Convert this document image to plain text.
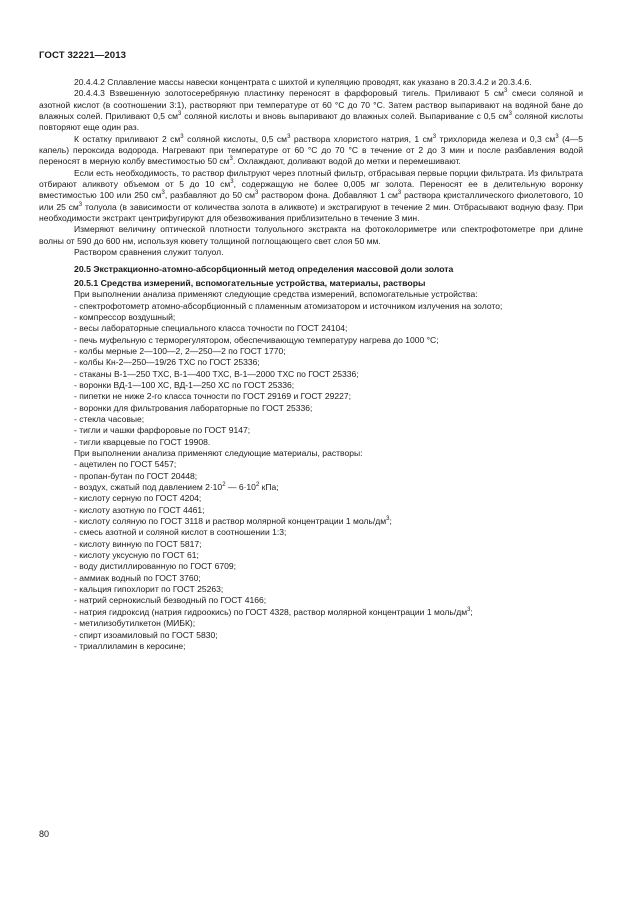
ГОСТ 32221—2013
20.4.4.2 Сплавление массы навески концентрата с шихтой и купеляцию проводят, как указано в 20.3.4.2 и 20.3.4.6.
20.4.4.3 Взвешенную золотосеребряную пластинку переносят в фарфоровый тигель. Приливают 5 $см^3$ смеси соляной и азотной кислот (в соотношении 3:1), растворяют при температуре от 60 °С до 70 °С. Затем раствор выпаривают на водяной бане до влажных солей. Приливают 0,5 $см^3$ соляной кислоты и вновь выпаривают до влажных солей. Выпаривание с 0,5 $см^3$ соляной кислоты повторяют еще один раз.
К остатку приливают 2 $см^3$ соляной кислоты, 0,5 $см^3$ раствора хлористого натрия, 1 $см^3$ трихлорида железа и 0,3 $см^3$ (4—5 капель) пероксида водорода. Нагревают при температуре от 60 °С до 70 °С в течение от 2 до 3 мин и после разбавления водой переносят в мерную колбу вместимостью 50 $см^3$. Охлаждают, доливают водой до метки и перемешивают.
Если есть необходимость, то раствор фильтруют через плотный фильтр, отбрасывая первые порции фильтрата. Из фильтрата отбирают аликвоту объемом от 5 до 10 $см^3$, содержащую не более 0,005 мг золота. Переносят ее в делительную воронку вместимостью 100 или 250 $см^3$, разбавляют до 50 $см^3$ раствором фона. Добавляют 1 $см^3$ раствора кристаллического фиолетового, 10 или 25 $см^3$ толуола (в зависимости от количества золота в аликвоте) и экстрагируют в течение 2 мин. Отбрасывают водную фазу. При необходимости экстракт центрифугируют для обезвоживания приблизительно в течение 3 мин.
Измеряют величину оптической плотности толуольного экстракта на фотоколориметре или спектрофотометре при длине волны от 590 до 600 нм, используя кювету толщиной поглощающего свет слоя 50 мм.
Раствором сравнения служит толуол.
20.5 Экстракционно-атомно-абсорбционный метод определения массовой доли золота
20.5.1 Средства измерений, вспомогательные устройства, материалы, растворы
При выполнении анализа применяют следующие средства измерений, вспомогательные устройства:
- спектрофотометр атомно-абсорбционный с пламенным атомизатором и источником излучения на золото;
- компрессор воздушный;
- весы лабораторные специального класса точности по ГОСТ 24104;
- печь муфельную с терморегулятором, обеспечивающую температуру нагрева до 1000 °С;
- колбы мерные 2—100—2, 2—250—2 по ГОСТ 1770;
- колбы Кн-2—250—19/26 ТХС по ГОСТ 25336;
- стаканы В-1—250 ТХС, В-1—400 ТХС, В-1—2000 ТХС по ГОСТ 25336;
- воронки ВД-1—100 ХС, ВД-1—250 ХС по ГОСТ 25336;
- пипетки не ниже 2-го класса точности по ГОСТ 29169 и ГОСТ 29227;
- воронки для фильтрования лабораторные по ГОСТ 25336;
- стекла часовые;
- тигли и чашки фарфоровые по ГОСТ 9147;
- тигли кварцевые по ГОСТ 19908.
При выполнении анализа применяют следующие материалы, растворы:
- ацетилен по ГОСТ 5457;
- пропан-бутан по ГОСТ 20448;
- воздух, сжатый под давлением $2\cdot 10^2$ — $6\cdot 10^2$ кПа;
- кислоту серную по ГОСТ 4204;
- кислоту азотную по ГОСТ 4461;
- кислоту соляную по ГОСТ 3118 и раствор молярной концентрации 1 моль/$дм^3$;
- смесь азотной и соляной кислот в соотношении 1:3;
- кислоту винную по ГОСТ 5817;
- кислоту уксусную по ГОСТ 61;
- воду дистиллированную по ГОСТ 6709;
- аммиак водный по ГОСТ 3760;
- кальция гипохлорит по ГОСТ 25263;
- натрий сернокислый безводный по ГОСТ 4166;
- натрия гидроксид (натрия гидроокись) по ГОСТ 4328, раствор молярной концентрации 1 моль/$дм^3$;
- метилизобутилкетон (МИБК);
- спирт изоамиловый по ГОСТ 5830;
- триаллиламин в керосине;
80
